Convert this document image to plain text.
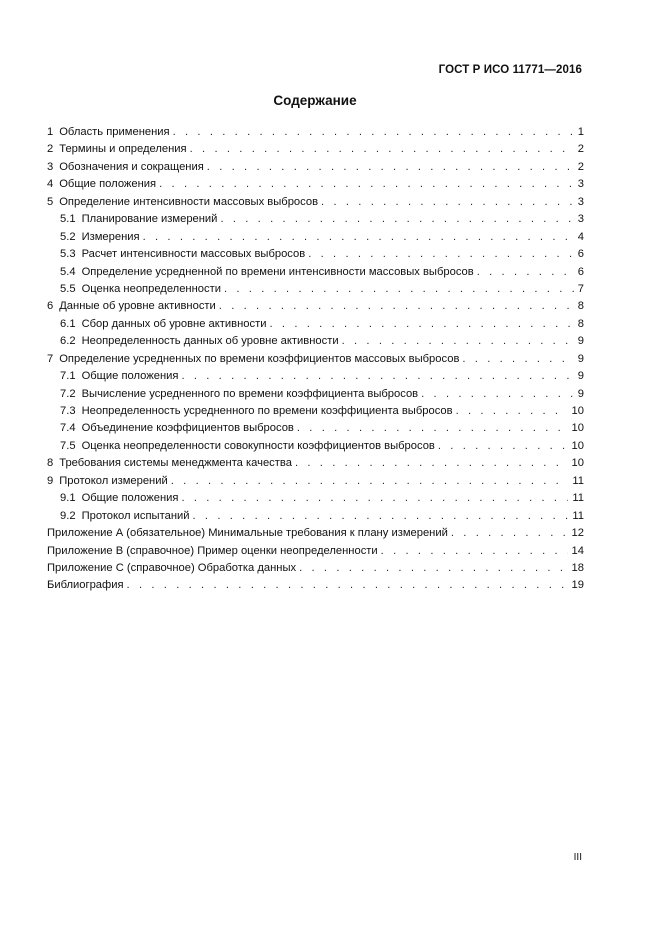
ГОСТ Р ИСО 11771—2016
Содержание
1 Область применения . . .	1
2 Термины и определения . . .	2
3 Обозначения и сокращения . . .	2
4 Общие положения . . .	3
5 Определение интенсивности массовых выбросов . . .	3
5.1 Планирование измерений . . .	3
5.2 Измерения . . .	4
5.3 Расчет интенсивности массовых выбросов . . .	6
5.4 Определение усредненной по времени интенсивности массовых выбросов . . .	6
5.5 Оценка неопределенности . . .	7
6 Данные об уровне активности . . .	8
6.1 Сбор данных об уровне активности . . .	8
6.2 Неопределенность данных об уровне активности . . .	9
7 Определение усредненных по времени коэффициентов массовых выбросов . . .	9
7.1 Общие положения . . .	9
7.2 Вычисление усредненного по времени коэффициента выбросов . . .	9
7.3 Неопределенность усредненного по времени коэффициента выбросов . . .	10
7.4 Объединение коэффициентов выбросов . . .	10
7.5 Оценка неопределенности совокупности коэффициентов выбросов . . .	10
8 Требования системы менеджмента качества . . .	10
9 Протокол измерений . . .	11
9.1 Общие положения . . .	11
9.2 Протокол испытаний . . .	11
Приложение А (обязательное) Минимальные требования к плану измерений . . .	12
Приложение В (справочное) Пример оценки неопределенности . . .	14
Приложение С (справочное) Обработка данных . . .	18
Библиография . . .	19
III
